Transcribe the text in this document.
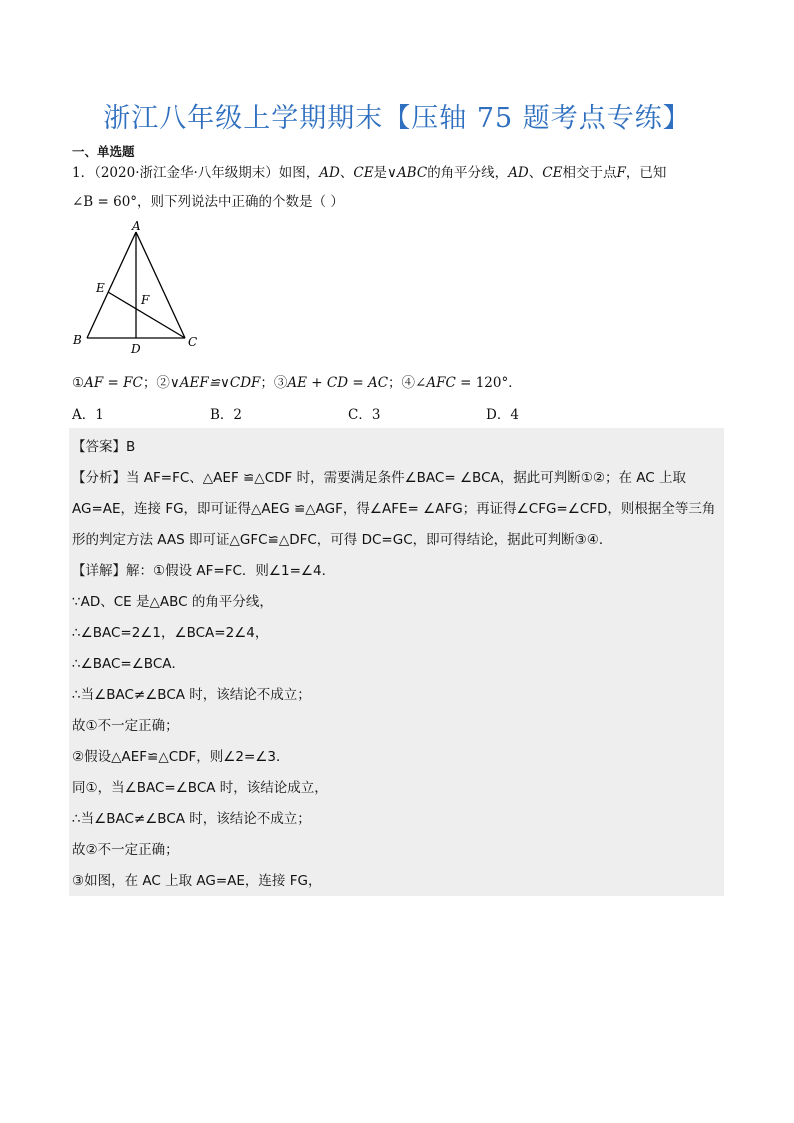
浙江八年级上学期期末【压轴 75 题考点专练】
一、单选题
1．（2020·浙江金华·八年级期末）如图，AD、CE是∨ABC的角平分线，AD、CE相交于点F，已知
∠B = 60°，则下列说法中正确的个数是（ ）
A
E
F
B
D	C
①AF = FC；②∨AEF≌∨CDF；③AE + CD = AC；④∠AFC = 120°．
A．1	B．2	C．3	D．4
【答案】B
【分析】当 AF=FC、△AEF ≌△CDF 时，需要满足条件∠BAC= ∠BCA，据此可判断①②；在 AC 上取
AG=AE，连接 FG，即可证得△AEG ≌△AGF，得∠AFE= ∠AFG；再证得∠CFG=∠CFD，则根据全等三角
形的判定方法 AAS 即可证△GFC≌△DFC，可得 DC=GC，即可得结论，据此可判断③④．
【详解】解：①假设 AF=FC．则∠1=∠4．
∵AD、CE 是△ABC 的角平分线，
∴∠BAC=2∠1，∠BCA=2∠4，
∴∠BAC=∠BCA．
∴当∠BAC≠∠BCA 时，该结论不成立；
故①不一定正确；
②假设△AEF≌△CDF，则∠2=∠3．
同①，当∠BAC=∠BCA 时，该结论成立，
∴当∠BAC≠∠BCA 时，该结论不成立；
故②不一定正确；
③如图，在 AC 上取 AG=AE，连接 FG，
